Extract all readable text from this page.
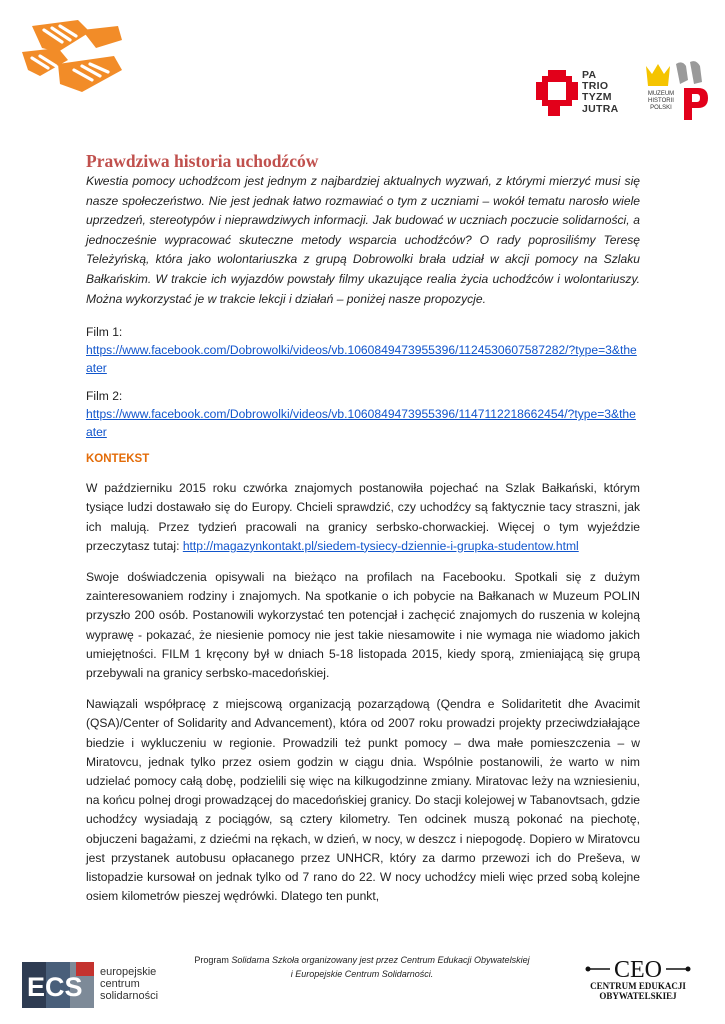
PA
TRIO
TYZM
JUTRA
MUZEUM
HISTORII
POLSKI
Prawdziwa historia uchodźców

Kwestia pomocy uchodźcom jest jednym z najbardziej aktualnych wyzwań, z którymi mierzyć musi się nasze społeczeństwo. Nie jest jednak łatwo rozmawiać o tym z uczniami – wokół tematu narosło wiele uprzedzeń, stereotypów i nieprawdziwych informacji. Jak budować w uczniach poczucie solidarności, a jednocześnie wypracować skuteczne metody wsparcia uchodźców? O rady poprosiliśmy Teresę Teleżyńską, która jako wolontariuszka z grupą Dobrowolki brała udział w akcji pomocy na Szlaku Bałkańskim. W trakcie ich wyjazdów powstały filmy ukazujące realia życia uchodźców i wolontariuszy. Można wykorzystać je w trakcie lekcji i działań – poniżej nasze propozycje.

Film 1:
https://www.facebook.com/Dobrowolki/videos/vb.1060849473955396/1124530607587282/?type=3&theater
Film 2:
https://www.facebook.com/Dobrowolki/videos/vb.1060849473955396/1147112218662454/?type=3&theater
KONTEKST

W październiku 2015 roku czwórka znajomych postanowiła pojechać na Szlak Bałkański, którym tysiące ludzi dostawało się do Europy. Chcieli sprawdzić, czy uchodźcy są faktycznie tacy straszni, jak ich malują. Przez tydzień pracowali na granicy serbsko-chorwackiej. Więcej o tym wyjeździe przeczytasz tutaj: http://magazynkontakt.pl/siedem-tysiecy-dziennie-i-grupka-studentow.html

Swoje doświadczenia opisywali na bieżąco na profilach na Facebooku. Spotkali się z dużym zainteresowaniem rodziny i znajomych. Na spotkanie o ich pobycie na Bałkanach w Muzeum POLIN przyszło 200 osób. Postanowili wykorzystać ten potencjał i zachęcić znajomych do ruszenia w kolejną wyprawę - pokazać, że niesienie pomocy nie jest takie niesamowite i nie wymaga nie wiadomo jakich umiejętności. FILM 1 kręcony był w dniach 5-18 listopada 2015, kiedy sporą, zmieniającą się grupą przebywali na granicy serbsko-macedońskiej.

Nawiązali współpracę z miejscową organizacją pozarządową (Qendra e Solidaritetit dhe Avacimit (QSA)/Center of Solidarity and Advancement), która od 2007 roku prowadzi projekty przeciwdziałające biedzie i wykluczeniu w regionie. Prowadzili też punkt pomocy – dwa małe pomieszczenia – w Miratovcu, jednak tylko przez osiem godzin w ciągu dnia. Wspólnie postanowili, że warto w nim udzielać pomocy całą dobę, podzielili się więc na kilkugodzinne zmiany. Miratovac leży na wzniesieniu, na końcu polnej drogi prowadzącej do macedońskiej granicy. Do stacji kolejowej w Tabanovtsach, gdzie uchodźcy wysiadają z pociągów, są cztery kilometry. Ten odcinek muszą pokonać na piechotę, objuczeni bagażami, z dziećmi na rękach, w dzień, w nocy, w deszcz i niepogodę. Dopiero w Miratovcu jest przystanek autobusu opłacanego przez UNHCR, który za darmo przewozi ich do Preševa, w listopadzie kursował on jednak tylko od 7 rano do 22. W nocy uchodźcy mieli więc przed sobą kolejne osiem kilometrów pieszej wędrówki. Dlatego ten punkt,

ECS europejskie
centrum
solidarności
Program Solidarna Szkoła organizowany jest przez Centrum Edukacji Obywatelskiej
i Europejskie Centrum Solidarności.	CEO
CENTRUM EDUKACJI
OBYWATELSKIEJ
